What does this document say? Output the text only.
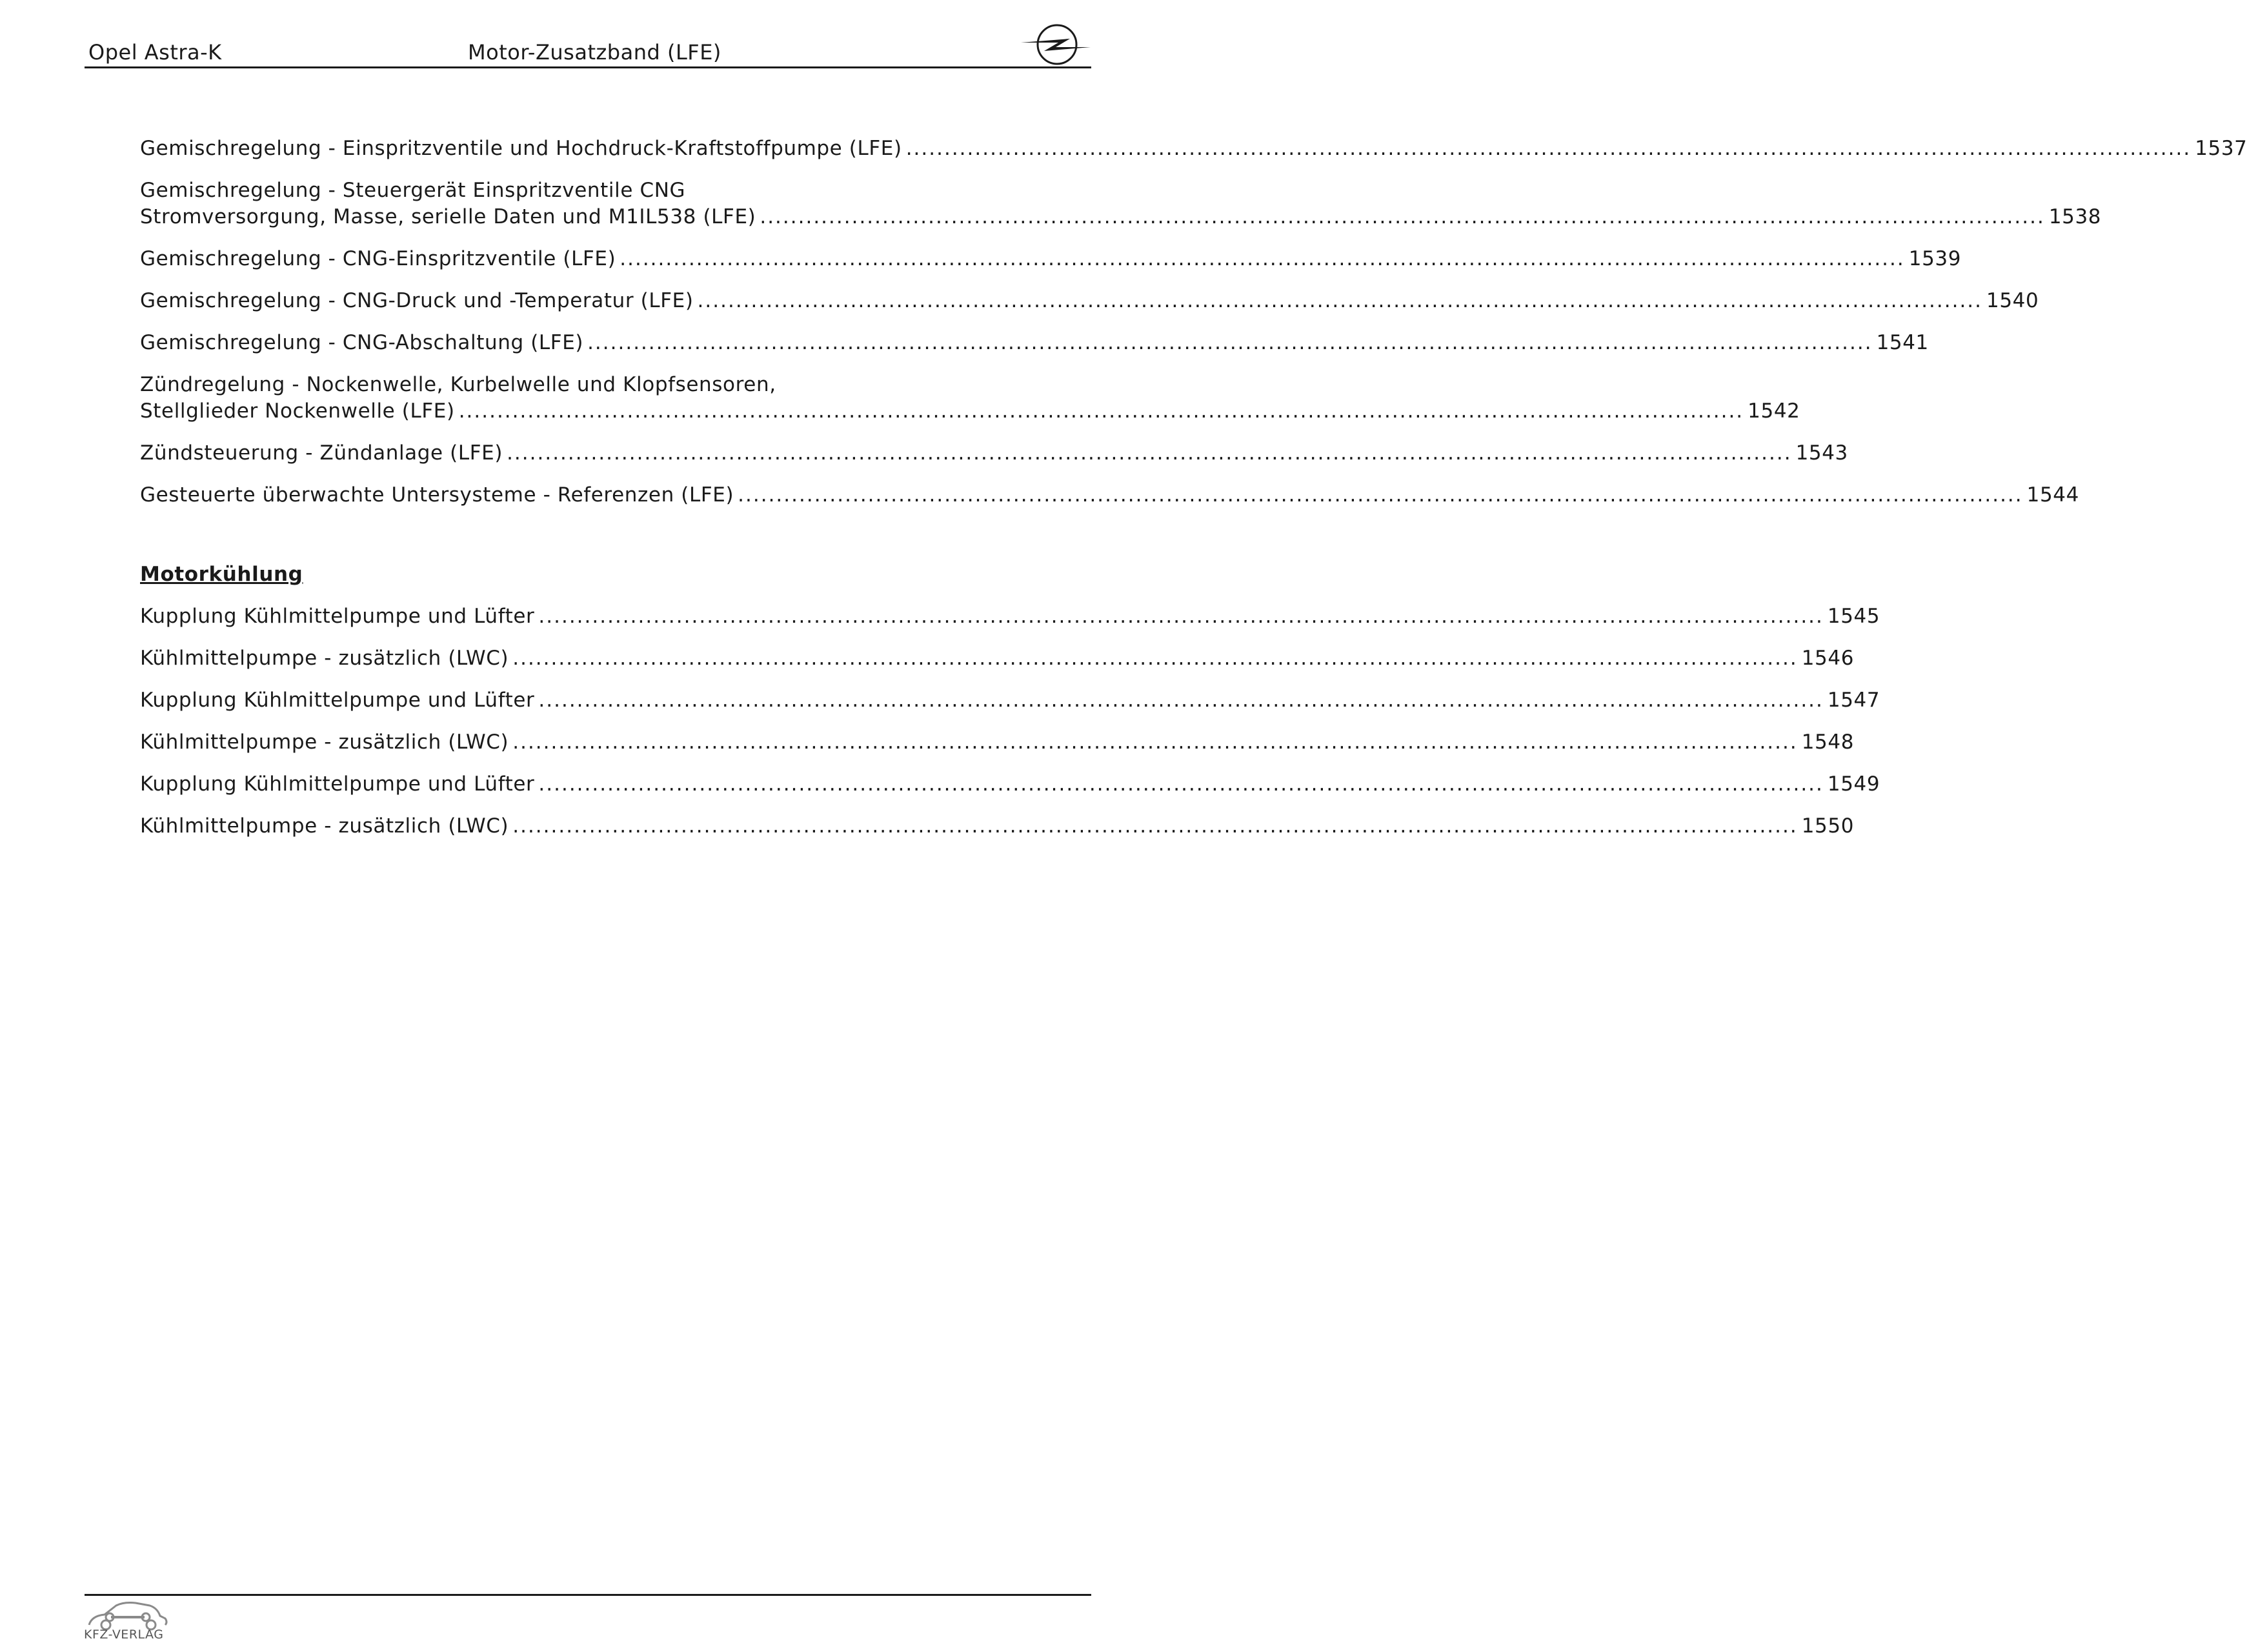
Opel Astra-K	Motor-Zusatzband (LFE)
Gemischregelung - Einspritzventile und Hochdruck-Kraftstoffpumpe (LFE) ........................................................................................................................................................................ 1537
Gemischregelung - Steuergerät Einspritzventile CNG
Stromversorgung, Masse, serielle Daten und M1IL538 (LFE) ........................................................................................................................................................................ 1538
Gemischregelung - CNG-Einspritzventile (LFE) ........................................................................................................................................................................ 1539
Gemischregelung - CNG-Druck und -Temperatur (LFE) ........................................................................................................................................................................ 1540
Gemischregelung - CNG-Abschaltung (LFE) ........................................................................................................................................................................ 1541
Zündregelung - Nockenwelle, Kurbelwelle und Klopfsensoren,
Stellglieder Nockenwelle (LFE) ........................................................................................................................................................................ 1542
Zündsteuerung - Zündanlage (LFE) ........................................................................................................................................................................ 1543
Gesteuerte überwachte Untersysteme - Referenzen (LFE) ........................................................................................................................................................................ 1544
Motorkühlung
Kupplung Kühlmittelpumpe und Lüfter ........................................................................................................................................................................ 1545
Kühlmittelpumpe - zusätzlich (LWC) ........................................................................................................................................................................ 1546
Kupplung Kühlmittelpumpe und Lüfter ........................................................................................................................................................................ 1547
Kühlmittelpumpe - zusätzlich (LWC) ........................................................................................................................................................................ 1548
Kupplung Kühlmittelpumpe und Lüfter ........................................................................................................................................................................ 1549
Kühlmittelpumpe - zusätzlich (LWC) ........................................................................................................................................................................ 1550
KFZ-VERLAG
